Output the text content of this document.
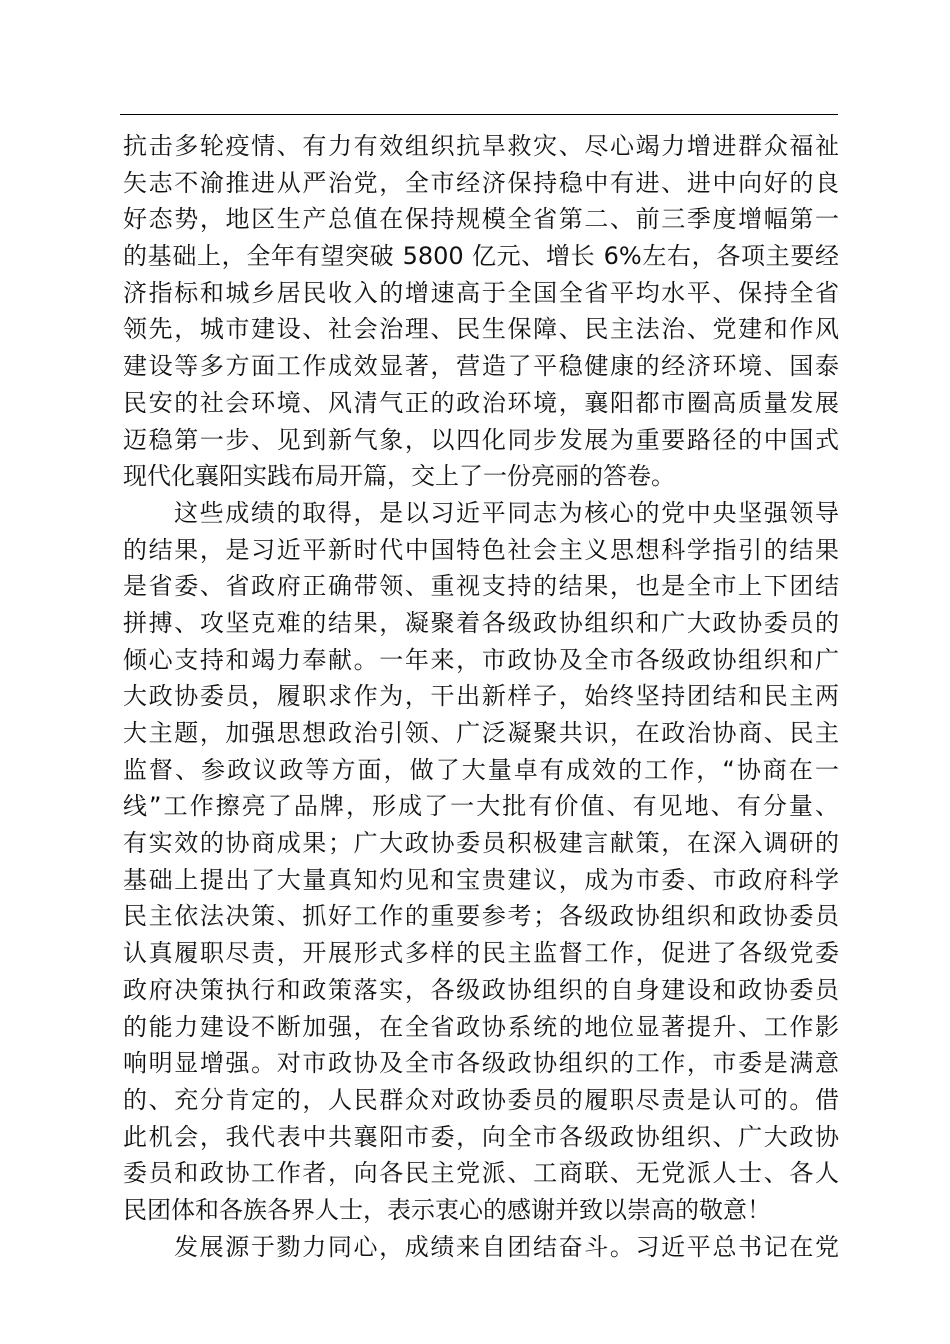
抗击多轮疫情、有力有效组织抗旱救灾、尽心竭力增进群众福祉
矢志不渝推进从严治党，全市经济保持稳中有进、进中向好的良
好态势，地区生产总值在保持规模全省第二、前三季度增幅第一
的基础上，全年有望突破 5800 亿元、增长 6%左右，各项主要经
济指标和城乡居民收入的增速高于全国全省平均水平、保持全省
领先，城市建设、社会治理、民生保障、民主法治、党建和作风
建设等多方面工作成效显著，营造了平稳健康的经济环境、国泰
民安的社会环境、风清气正的政治环境，襄阳都市圈高质量发展
迈稳第一步、见到新气象，以四化同步发展为重要路径的中国式
现代化襄阳实践布局开篇，交上了一份亮丽的答卷。
这些成绩的取得，是以习近平同志为核心的党中央坚强领导
的结果，是习近平新时代中国特色社会主义思想科学指引的结果
是省委、省政府正确带领、重视支持的结果，也是全市上下团结
拼搏、攻坚克难的结果，凝聚着各级政协组织和广大政协委员的
倾心支持和竭力奉献。一年来，市政协及全市各级政协组织和广
大政协委员，履职求作为，干出新样子，始终坚持团结和民主两
大主题，加强思想政治引领、广泛凝聚共识，在政治协商、民主
监督、参政议政等方面，做了大量卓有成效的工作，“协商在一
线”工作擦亮了品牌，形成了一大批有价值、有见地、有分量、
有实效的协商成果；广大政协委员积极建言献策，在深入调研的
基础上提出了大量真知灼见和宝贵建议，成为市委、市政府科学
民主依法决策、抓好工作的重要参考；各级政协组织和政协委员
认真履职尽责，开展形式多样的民主监督工作，促进了各级党委
政府决策执行和政策落实，各级政协组织的自身建设和政协委员
的能力建设不断加强，在全省政协系统的地位显著提升、工作影
响明显增强。对市政协及全市各级政协组织的工作，市委是满意
的、充分肯定的，人民群众对政协委员的履职尽责是认可的。借
此机会，我代表中共襄阳市委，向全市各级政协组织、广大政协
委员和政协工作者，向各民主党派、工商联、无党派人士、各人
民团体和各族各界人士，表示衷心的感谢并致以崇高的敬意！
发展源于勠力同心，成绩来自团结奋斗。习近平总书记在党
